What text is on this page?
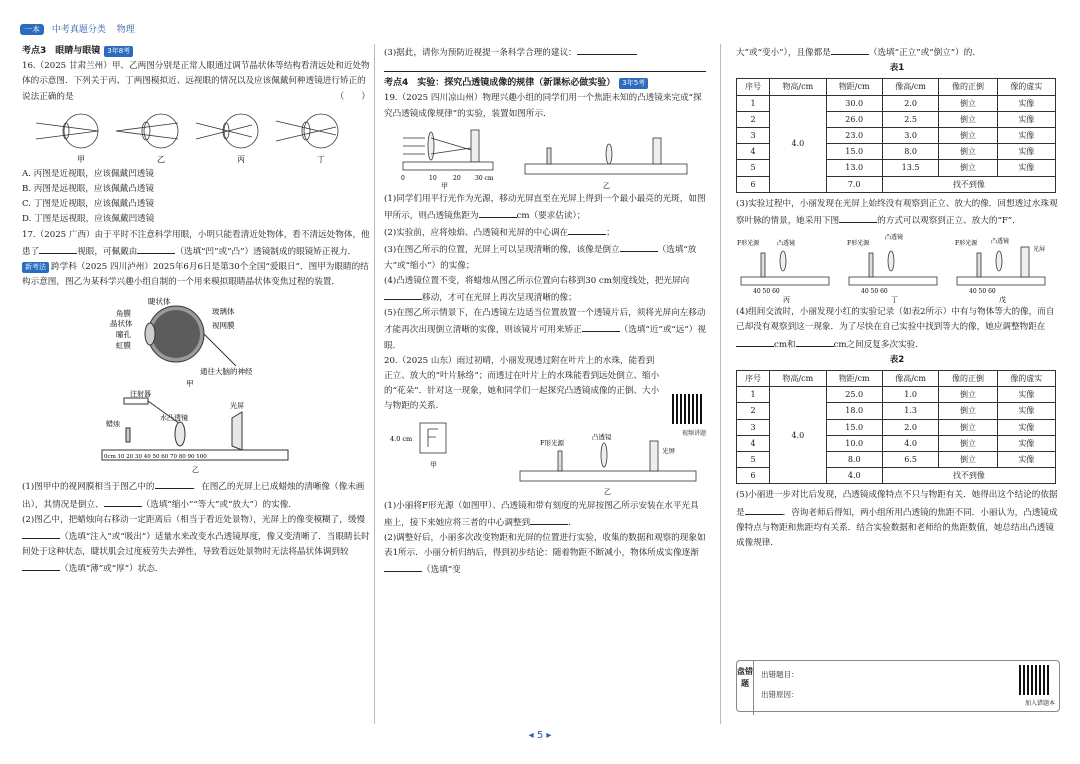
一本 中考真题分类 物理
考点3　眼睛与眼镜 3年8考

16.（2025 甘肃兰州）甲、乙两图分别是正常人眼通过调节晶状体等结构看清远处和近处物体的示意图．下列关于丙、丁两图模拟近、远视眼的情况以及应该佩戴何种透镜进行矫正的说法正确的是	（　　）

甲	乙	丙	丁
A. 丙图是近视眼，应该佩戴凹透镜
B. 丙图是远视眼，应该佩戴凸透镜
C. 丁图是近视眼，应该佩戴凸透镜
D. 丁图是远视眼，应该佩戴凹透镜

17.（2025 广西）由于平时不注意科学用眼，小明只能看清近处物体，看不清远处物体，他患了	视眼，可佩戴由	（选填“凹”或“凸”）透镜制成的眼镜矫正视力．

新考法 跨学科（2025 四川泸州）2025年6月6日是第30个全国“爱眼日”．图甲为眼睛的结构示意图，图乙为某科学兴趣小组自制的一个用来模拟眼睛晶状体变焦过程的装置．

睫状体
角膜
晶状体
瞳孔
虹膜
玻璃体
视网膜
通往大脑的神经
甲
0cm 10 20 30 40 50 60 70 80 90 100
注射器
蜡烛
水凸透镜
光屏
乙

(1)图甲中的视网膜相当于图乙中的	．在图乙的光屏上已成蜡烛的清晰像（像未画出），其情况是倒立、	（选填“缩小”“等大”或“放大”）的实像．

(2)图乙中，把蜡烛向右移动一定距离后（相当于看近处景物），光屏上的像变模糊了，缓慢（选填“注入”或“吸出”）适量水来改变水凸透镜厚度，像又变清晰了．当眼睛长时间处于这种状态，睫状肌会过度疲劳失去弹性，导致看远处景物时无法将晶状体调到较（选填“薄”或“厚”）状态．

(3)据此，请你为预防近视提一条科学合理的建议：

考点4　实验：探究凸透镜成像的规律（新课标必做实验） 3年5考

19.（2025 四川凉山州）物理兴趣小组的同学们用一个焦距未知的凸透镜来完成“探究凸透镜成像规律”的实验，装置如图所示．

0	10	20 30 cm
甲	乙

(1)同学们用平行光作为光源，移动光屏直至在光屏上得到一个最小最亮的光斑，如图甲所示，则凸透镜焦距为	cm（要求估读）；

(2)实验前，应将烛焰、凸透镜和光屏的中心调在	；

(3)在图乙所示的位置，光屏上可以呈现清晰的像，该像是倒立	（选填“放大”或“缩小”）的实像；

(4)凸透镜位置不变，将蜡烛从图乙所示位置向右移到30 cm刻度线处，把光屏向移动，才可在光屏上再次呈现清晰的像；

(5)在图乙所示情景下，在凸透镜左边适当位置放置一个透镜片后，须将光屏向左移动才能再次出现倒立清晰的实像，则该镜片可用来矫正	（选填“近”或“远”）视眼．

20.（2025 山东）雨过初晴，小丽发现透过附在叶片上的水珠，能看到正立、放大的“叶片脉络”；而透过在叶片上的水珠能看到远处倒立、缩小的“花朵”．针对这一现象，她和同学们一起探究凸透镜成像的正倒、大小与物距的关系．

视频讲题
4.0 cm	F形光源
凸透镜
光屏
甲
乙

(1)小丽将F形光源（如图甲）、凸透镜和带有刻度的光屏按图乙所示安装在水平光具座上，接下来她应将三者的中心调整到	．

(2)调整好后，小丽多次改变物距和光屏的位置进行实验，收集的数据和观察的现象如表1所示．小丽分析归纳后，得到初步结论：随着物距不断减小，物体所成实像逐渐（选填“变

大”或“变小”），且像都是	（选填“正立”或“倒立”）的．

表1
序号	物高/cm	物距/cm	像高/cm	像的正倒	像的虚实
1	4.0	30.0	2.0	倒立	实像
2		26.0	2.5	倒立	实像
3		23.0	3.0	倒立	实像
4		15.0	8.0	倒立	实像
5		13.0	13.5	倒立	实像
6		7.0	找不到像		

(3)实验过程中，小丽发现在光屏上始终没有观察到正立、放大的像．回想透过水珠观察叶脉的情景，她采用下图	的方式可以观察到正立、放大的“F”．

F形光源	凸透镜	F形光源
凸透镜
F形光源 凸透镜
光屏
40 50 60	40 50 60	40 50 60
丙	丁	戊

(4)组间交流时，小丽发现小红的实验记录（如表2所示）中有与物体等大的像，而自己却没有观察到这一现象．为了尽快在自己实验中找到等大的像，她应调整物距在cm和	cm之间反复多次实验．

表2
序号	物高/cm	物距/cm	像高/cm	像的正倒	像的虚实
1	4.0	25.0	1.0	倒立	实像
2		18.0	1.3	倒立	实像
3		15.0	2.0	倒立	实像
4		10.0	4.0	倒立	实像
5		8.0	6.5	倒立	实像
6		4.0	找不到像		

(5)小丽进一步对比后发现，凸透镜成像特点不只与物距有关．她得出这个结论的依据是	．咨询老师后得知，两小组所用凸透镜的焦距不同．小丽认为，凸透镜成像特点与物距和焦距均有关系．结合实验数据和老师给的焦距数值，她总结出凸透镜成像规律．

盘错题
出错题目：
出错原因：
加入错题本
◂ 5 ▸
